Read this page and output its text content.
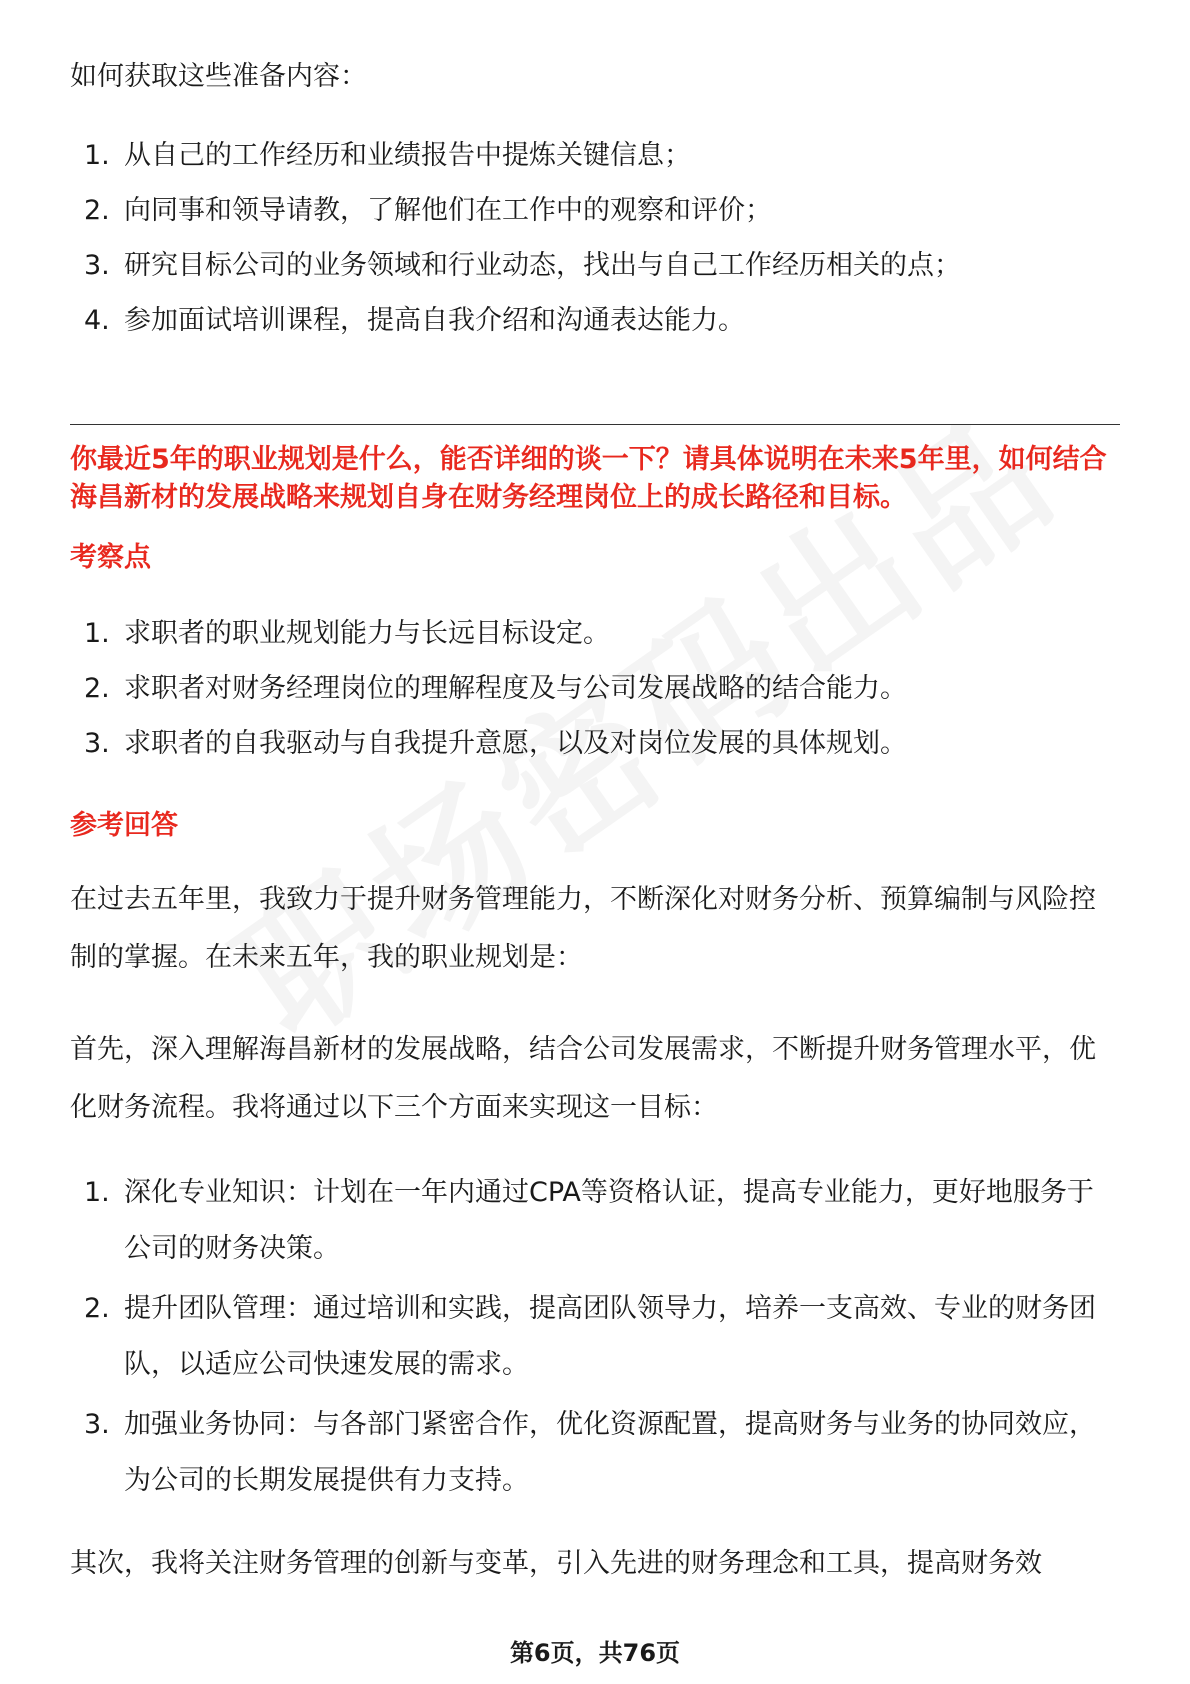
如何获取这些准备内容：

1. 从自己的工作经历和业绩报告中提炼关键信息；
2. 向同事和领导请教，了解他们在工作中的观察和评价；
3. 研究目标公司的业务领域和行业动态，找出与自己工作经历相关的点；
4. 参加面试培训课程，提高自我介绍和沟通表达能力。
你最近5年的职业规划是什么，能否详细的谈一下？请具体说明在未来5年里，如何结合海昌新材的发展战略来规划自身在财务经理岗位上的成长路径和目标。
考察点
1. 求职者的职业规划能力与长远目标设定。
2. 求职者对财务经理岗位的理解程度及与公司发展战略的结合能力。
3. 求职者的自我驱动与自我提升意愿，以及对岗位发展的具体规划。
参考回答

在过去五年里，我致力于提升财务管理能力，不断深化对财务分析、预算编制与风险控制的掌握。在未来五年，我的职业规划是：

首先，深入理解海昌新材的发展战略，结合公司发展需求，不断提升财务管理水平，优化财务流程。我将通过以下三个方面来实现这一目标：

1. 深化专业知识：计划在一年内通过CPA等资格认证，提高专业能力，更好地服务于公司的财务决策。
2. 提升团队管理：通过培训和实践，提高团队领导力，培养一支高效、专业的财务团队，以适应公司快速发展的需求。
3. 加强业务协同：与各部门紧密合作，优化资源配置，提高财务与业务的协同效应，为公司的长期发展提供有力支持。

其次，我将关注财务管理的创新与变革，引入先进的财务理念和工具，提高财务效

第6页，共76页
